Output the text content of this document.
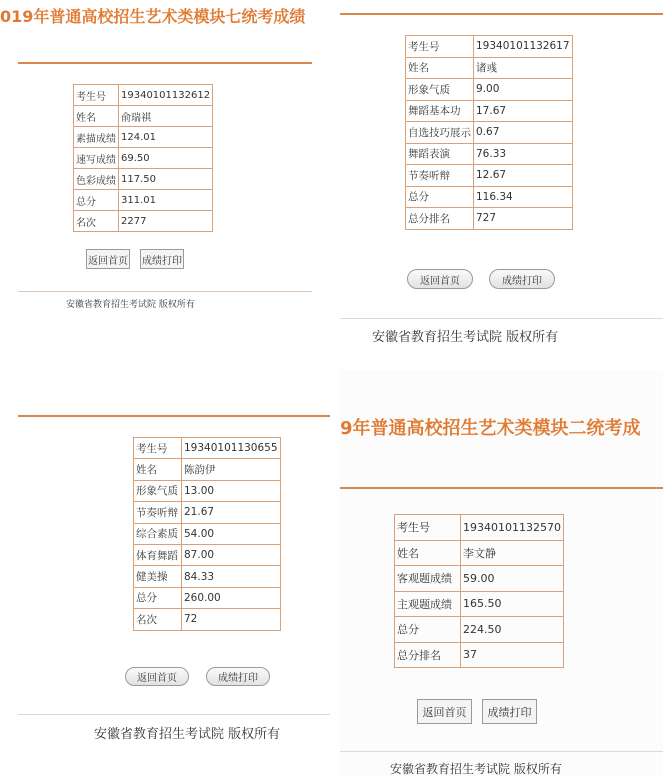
019年普通高校招生艺术类模块七统考成绩
考生号	19340101132612
姓名	俞瑞祺
素描成绩	124.01
速写成绩	69.50
色彩成绩	117.50
总分	311.01
名次	2277
返回首页 成绩打印
安徽省教育招生考试院 版权所有
考生号	19340101132617
姓名	诸彧
形象气质	9.00
舞蹈基本功	17.67
自选技巧展示	0.67
舞蹈表演	76.33
节奏听辩	12.67
总分	116.34
总分排名	727
返回首页	成绩打印
安徽省教育招生考试院 版权所有
考生号	19340101130655
姓名	陈韵伊
形象气质	13.00
节奏听辩	21.67
综合素质	54.00
体育舞蹈	87.00
健美操	84.33
总分	260.00
名次	72
返回首页	成绩打印
安徽省教育招生考试院 版权所有
9年普通高校招生艺术类模块二统考成
考生号	19340101132570
姓名	李文静
客观题成绩	59.00
主观题成绩	165.50
总分	224.50
总分排名	37
返回首页	成绩打印
安徽省教育招生考试院 版权所有
